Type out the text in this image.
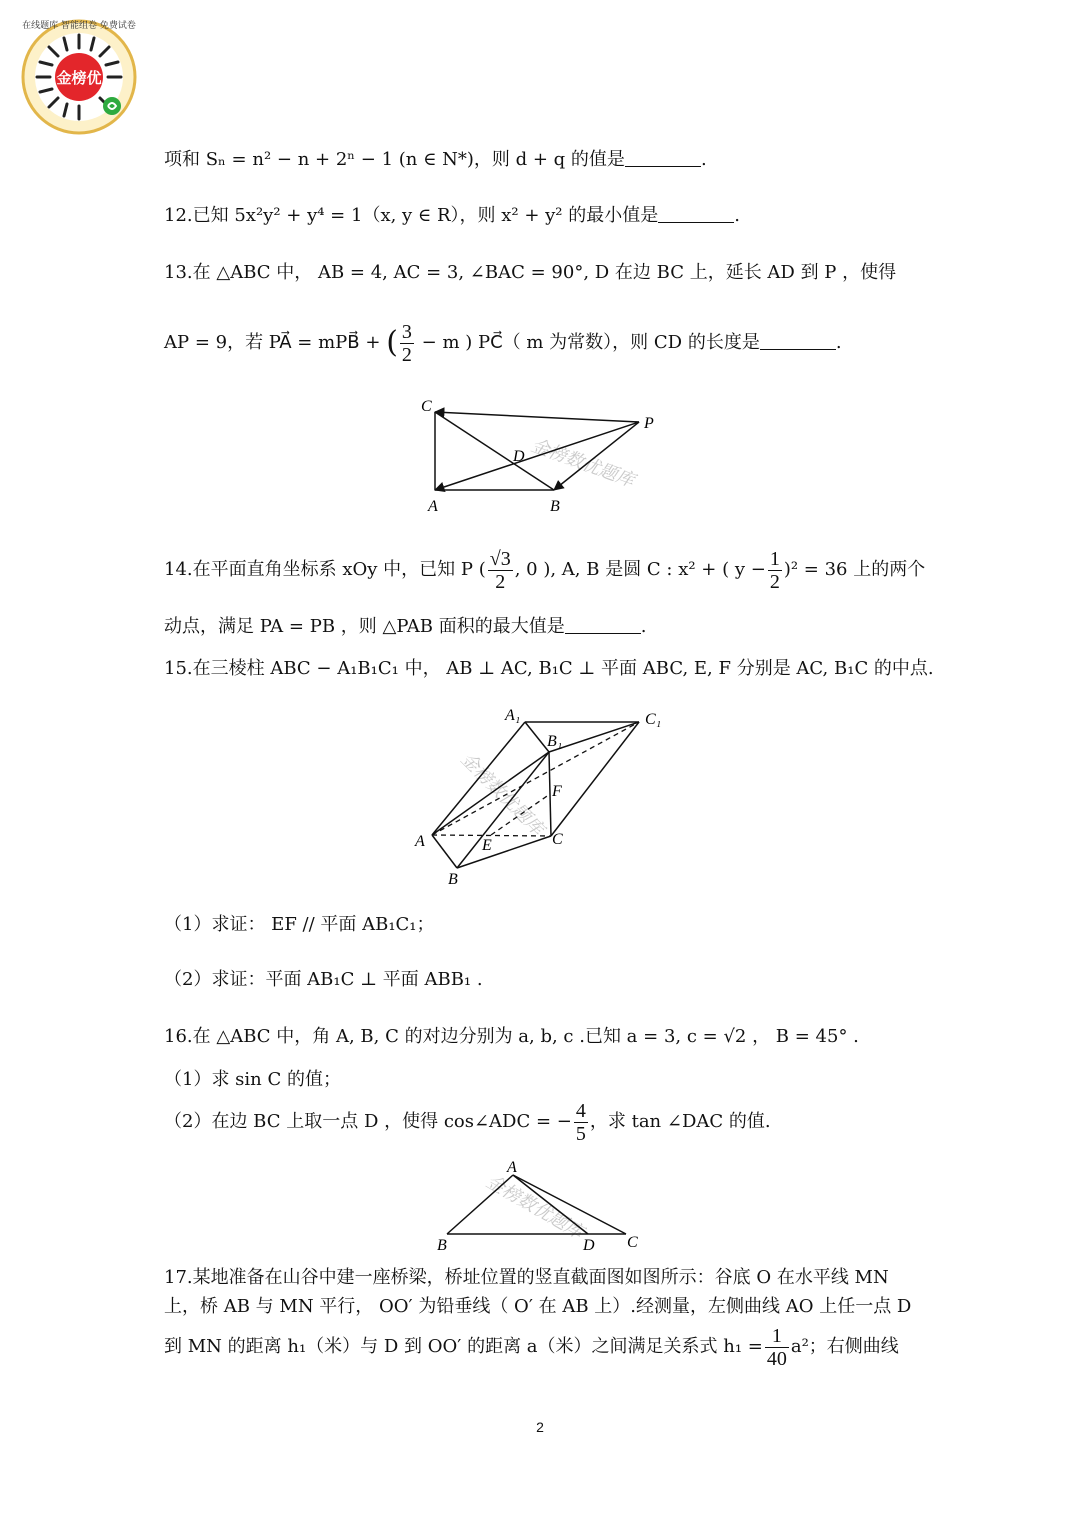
金榜优
在线题库 智能组卷 免费试卷
项和 Sₙ = n² − n + 2ⁿ − 1 (n ∈ N*)，则 d + q 的值是	.
12.已知 5x²y² + y⁴ = 1（x, y ∈ R），则 x² + y² 的最小值是	.
13.在 △ABC 中， AB = 4, AC = 3, ∠BAC = 90°, D 在边 BC 上，延长 AD 到 P ，使得
AP = 9，若 PA⃗ = mPB⃗ + ( $\frac{3}{2} - m$ ) PC⃗（ m 为常数），则 CD 的长度是	.
金榜数优题库
C
P
D
A	B
14.在平面直角坐标系 xOy 中，已知 P ( $\frac{√3}{2}$ , 0 ), A, B 是圆 C : x² + ( $y - \frac{1}{2} )^2 = 36$ 上的两个
动点，满足 PA = PB ，则 △PAB 面积的最大值是	.
15.在三棱柱 ABC − A₁B₁C₁ 中， AB ⊥ AC, B₁C ⊥ 平面 ABC, E, F 分别是 AC, B₁C 的中点.
金榜数优题库
A₁	C₁
B₁
F
A	E	C
B
（1）求证： EF // 平面 AB₁C₁；
（2）求证：平面 AB₁C ⊥ 平面 ABB₁ .
16.在 △ABC 中，角 A, B, C 的对边分别为 a, b, c .已知 a = 3, c = √2 ， B = 45° .
（1）求 sin C 的值；
（2）在边 BC 上取一点 D ，使得 cos∠ADC = − $\frac{4}{5}$ ，求 tan ∠DAC 的值.
金榜数优题库
A
B	D C
17.某地准备在山谷中建一座桥梁，桥址位置的竖直截面图如图所示：谷底 O 在水平线 MN
上，桥 AB 与 MN 平行， OO′ 为铅垂线（ O′ 在 AB 上）.经测量，左侧曲线 AO 上任一点 D
到 MN 的距离 h₁（米）与 D 到 OO′ 的距离 a（米）之间满足关系式 $h_1 = \frac{1}{40} a^2$；右侧曲线
2
